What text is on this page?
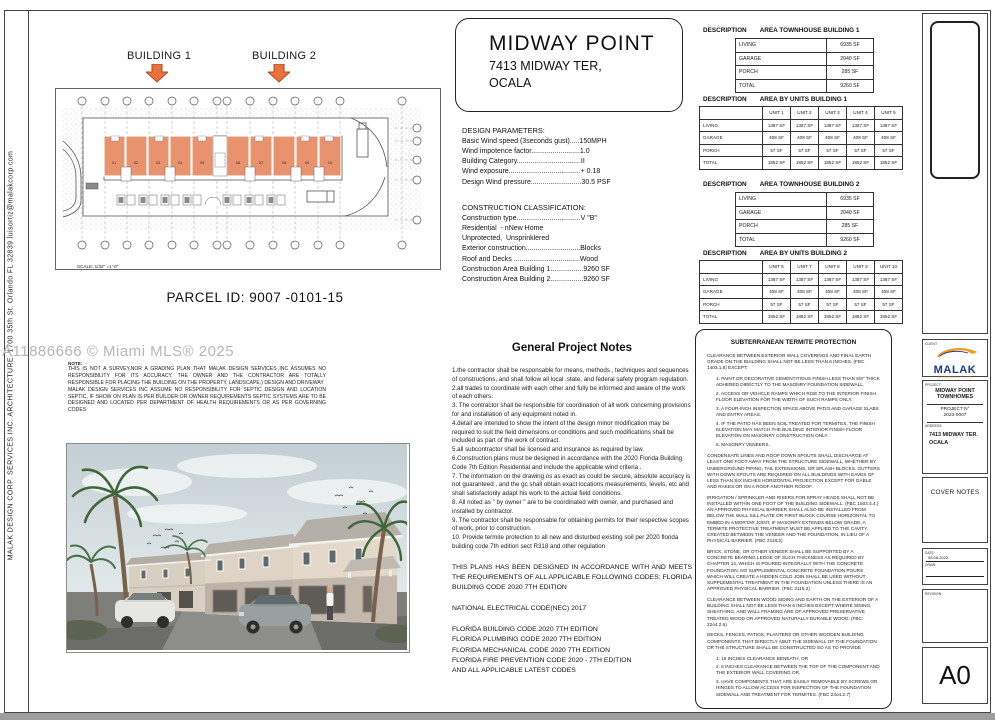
MALAK DESIGN CORP. SERVICES INC. ARCHITECTURE. 1700 35th St. Orlando FL 32839 luisortiz@malakcorp.com
BUILDING 1	BUILDING 2
01	02	03	04	05	06	07	08	09	10
SCALE: 1/32" =1'-0"
PARCEL ID: 9007 -0101-15
A11886666 © Miami MLS® 2025
NOTE:
THIS IS NOT A SURVEY,NOR A GRADING PLAN THAT MALAK DESIGN SERVICES INC ASSUMES NO RESPONSIBILITY FOR ITS ACCURACY. THE OWNER AND THE CONTRACTOR ARE TOTALLY RESPONSIBLE FOR PLACING THE BUILDING ON THE PROPERTY. LANDSCAPE.) DESIGN AND DRIVEWAY
MALAK DESIGN SERVICES INC ASSUME NO RESPONSIBILITY FOR SEPTIC DESIGN AND LOCATION SEPTIC, IF SHOW ON PLAN IS PER BUILDER OR OWNER REQUIREMENTS SEPTIC SYSTEMS ARE TO BE DESIGNED AND LOCATED PER DEPARTMENT OF HEALTH REQUIREMENTS OR AS PER GOVERNING CODES
MIDWAY POINT
7413 MIDWAY TER,
OCALA
DESIGN PARAMETERS:
Basic Wind speed (3seconds gust).....150MPH
Wind impotence factor.........................1.0
Building Category.................................II
Wind exposure.....................................+ 0.18
Design Wind pressure..........................30.5 PSF
CONSTRUCTION CLASSIFICATION:
Construction type.................................V "B"
Residential  - nNew Home
Unprotected,  Unsprinklered
Exterior construction............................Blocks
Roof and Decks ..................................Wood
Construction Area Building 1.................9260 SF
Construction Area Building 2.................9260 SF
General Project Notes
1.the contractor shall be responsable for means, methods , techniques and sequences of constructions, and shall follow all local ,state, and federal safety program regulation.
2.all trades to coordinate with each other and fully be informed and aware of the work of each others.
3. The contractor shall be responsible for coordination of all work concerning provisions for and installation of any equipment noted in.
4.detail are intended to show the intent of the design minor modification may be required to suit the field dimensions or conditions and such modifications shall be included as part of the work of contract.
5.all subcontractor shall be licensed and insurance as required by law.
6.Construction plans must be designed in accordance with the 2020 Florida Building Code 7th Edition Residential and include the applicable wind criteria .
7. The information on the drawing os as exact as could be secure, absolute accuracy is not guaranteed , and the gc shall obtain exact locations measurements, levels, etc and shall satisfactorily adapt his work to the actual field conditions.
8. All noted as " by owner " are to be coordinated with owner, and purchased and installed by contractor.
9. The contractor shall be responsable for obtaining permits for their respective scopes of work, prior to construction.
10. Provide termite protection to all new and disturbed existing soil per 2020 florida building code 7th edition sect R318 and other regulation
THIS PLANS HAS BEEN DESIGNED IN ACCORDANCE WITH AND MEETS THE REQUIREMENTS OF ALL APPLICABLE FOLLOWING CODES: FLORIDA BUILDING CODE 2020 7TH EDITION
NATIONAL ELECTRICAL CODE(NEC) 2017
FLORIDA BUILDING CODE 2020 7TH EDITION
FLORIDA PLUMBING CODE 2020 7TH EDITION
FLORIDA MECHANICAL CODE 2020 7TH EDITION
FLORIDA FIRE PREVENTION CODE 2020 - 7TH EDITION
AND ALL APPLICABLE LATEST CODES
DESCRIPTION AREA TOWNHOUSE BUILDING 1
LIVING	6935 SF
GARAGE	2040 SF
PORCH	285 SF
TOTAL	9260 SF
DESCRIPTION AREA BY UNITS BUILDING 1
	UNIT 1	UNIT 2	UNIT 3	UNIT 4	UNIT 5
LIVING	1387 SF	1387 SF	1387 SF	1387 SF	1387 SF
GARAGE	408 SF	408 SF	408 SF	408 SF	408 SF
PORCH	57 SF	57 SF	57 SF	57 SF	57 SF
TOTAL	1852 SF	1852 SF	1852 SF	1852 SF	1852 SF
DESCRIPTION AREA TOWNHOUSE BUILDING 2
LIVING	6935 SF
GARAGE	2040 SF
PORCH	285 SF
TOTAL	9260 SF
DESCRIPTION AREA BY UNITS BUILDING 2
	UNIT 6	UNIT 7	UNIT 8	UNIT 9	UNIT 10
LIVING	1387 SF	1387 SF	1387 SF	1387 SF	1387 SF
GARAGE	408 SF	408 SF	408 SF	408 SF	408 SF
PORCH	57 SF	57 SF	57 SF	57 SF	57 SF
TOTAL	1852 SF	1852 SF	1852 SF	1852 SF	1852 SF
SUBTERRANEAN TERMITE PROTECTION
CLEARANCE BETWEEN EXTERIOR WALL COVERINGS AND FINAL EARTH GRADE ON THE BUILDING SHALL NOT BE LESS THAN 6 INCHES. (FBC 1403.1.8) EXCEPT:
1. PAINT OR DECORATIVE CEMENTITIOUS FINISH LESS THAN 5/8" THICK ADHERED DIRECTLY TO THE MASONRY FOUNDATION SIDEWALL.
2. ACCESS OR VEHICLE RAMPS WHICH RISE TO THE INTERIOR FINISH FLOOR ELEVATION FOR THE WIDTH OF SUCH RAMPS ONLY.
3. A FOUR-INCH INSPECTION SPACE ABOVE PATIO AND GARAGE SLABS AND ENTRY AREAS.
4. IF THE PATIO HAS BEEN SOIL TREATED FOR TERMITES, THE FINISH ELEVATION MAY MATCH THE BUILDING INTERIOR FINISH FLOOR ELEVATION ON MASONRY CONSTRUCTION ONLY.
5. MASONRY VENEERS.
CONDENSATE LINES AND ROOF DOWN SPOUTS SHALL DISCHARGE AT LEAST ONE FOOT AWAY FROM THE STRUCTURE SIDEWALL, WHETHER BY UNDERGROUND PIPING, TAIL EXTENSIONS, OR SPLASH BLOCKS. GUTTERS WITH DOWN SPOUTS ARE REQUIRED ON ALL BUILDINGS WITH EAVES OF LESS THAN SIX INCHES HORIZONTAL PROJECTION EXCEPT FOR GABLE AND RAKES OR ON A ROOF ANOTHER ROOOF.
IRRIGATION / SPRINKLER AND RISERS FOR SPRAY HEADS SHALL NOT BE INSTALLED WITHIN ONE FOOT OF THE BUILDING SIDEWALL. (FBC 1503.4.4.) AN APPROVED PHYSICAL BARRIER SHALL ALSO BE INSTALLED FROM BELOW THE WALL SILL PLATE OR FIRST BLOCK COURSE HORIZONTAL TO EMBED IN A MORTAR JOINT. IF MASONRY EXTENDS BELOW GRADE, A TERMITE PROTECTIVE TREATMENT MUST BE APPLIED TO THE CAVITY CREATED BETWEEN THE VENEER AND THE FOUNDATION, IN LIEU OF A PHYSICAL BARRIER. (FBC 2118.2)
BRICK, STONE, OR OTHER VENEER SHALL BE SUPPORTED BY A CONCRETE BEARING LEDGE OF SUCH THICKNESS AS REQUIRED BY CHAPTER 14, WHICH IS POURED INTEGRALLY WITH THE CONCRETE FOUNDATION. NO SUPPLEMENTAL CONCRETE FOUNDATION POURS WHICH WILL CREATE A HIDDEN COLD JOIN SHALL BE USED WITHOUT SUPPLEMENTAL TREATMENT IN THE FOUNDATION UNLESS THERE IS AN APPROVED PHYSICAL BARRIER. (FBC 2115.2)
CLEARANCE BETWEEN WOOD SIDING AND EARTH ON THE EXTERIOR OF A BUILDING SHALL NOT BE LESS THAN 6 INCHES EXCEPT WHERE SIDING, SHEATHING, AND WALL FRAMING ARE OF APPROVED PRESERVATIVE TREATED WOOD OR APPROVED NATURALLY DURABLE WOOD. (FBC 22o4.2.6)
DECKS, FENCES, PATIOS, PLANTERS OR OTHER WOODEN BUILDING COMPONENTS THAT DIRECTLY ABUT THE SIDEWALL OF THE FOUNDATION OR THE STRUCTURE SHALL BE CONSTRUCTED SO AS TO PROVIDE
1. 18 INCHES CLEARANCE BENEATH, OR
2. 6 INCHES CLEARANCE BETWEEN THE TOP OF THE COMPONENT AND THE EXTERIOR WALL COVERING OR,
3. HAVE COMPONENTS THAT ARE EASILY REMOVABLE BY SCREWS OR HINGES TO ALLOW ACCESS FOR INSPECTION OF THE FOUNDATION SIDEWALL AND TREATMENT FOR TERMITES. (FBC 23o4.2.7)
CLIENT:
MALAK
CORPORATION
PROJECT:
MIDWAY POINT
TOWNHOMES
PROJECT N°
2023-0007
ADDRESS:
7413 MIDWAY TER.
OCALA
COVER NOTES
DATE:
08.08.2023
DRAW:
REVISION:
A0
